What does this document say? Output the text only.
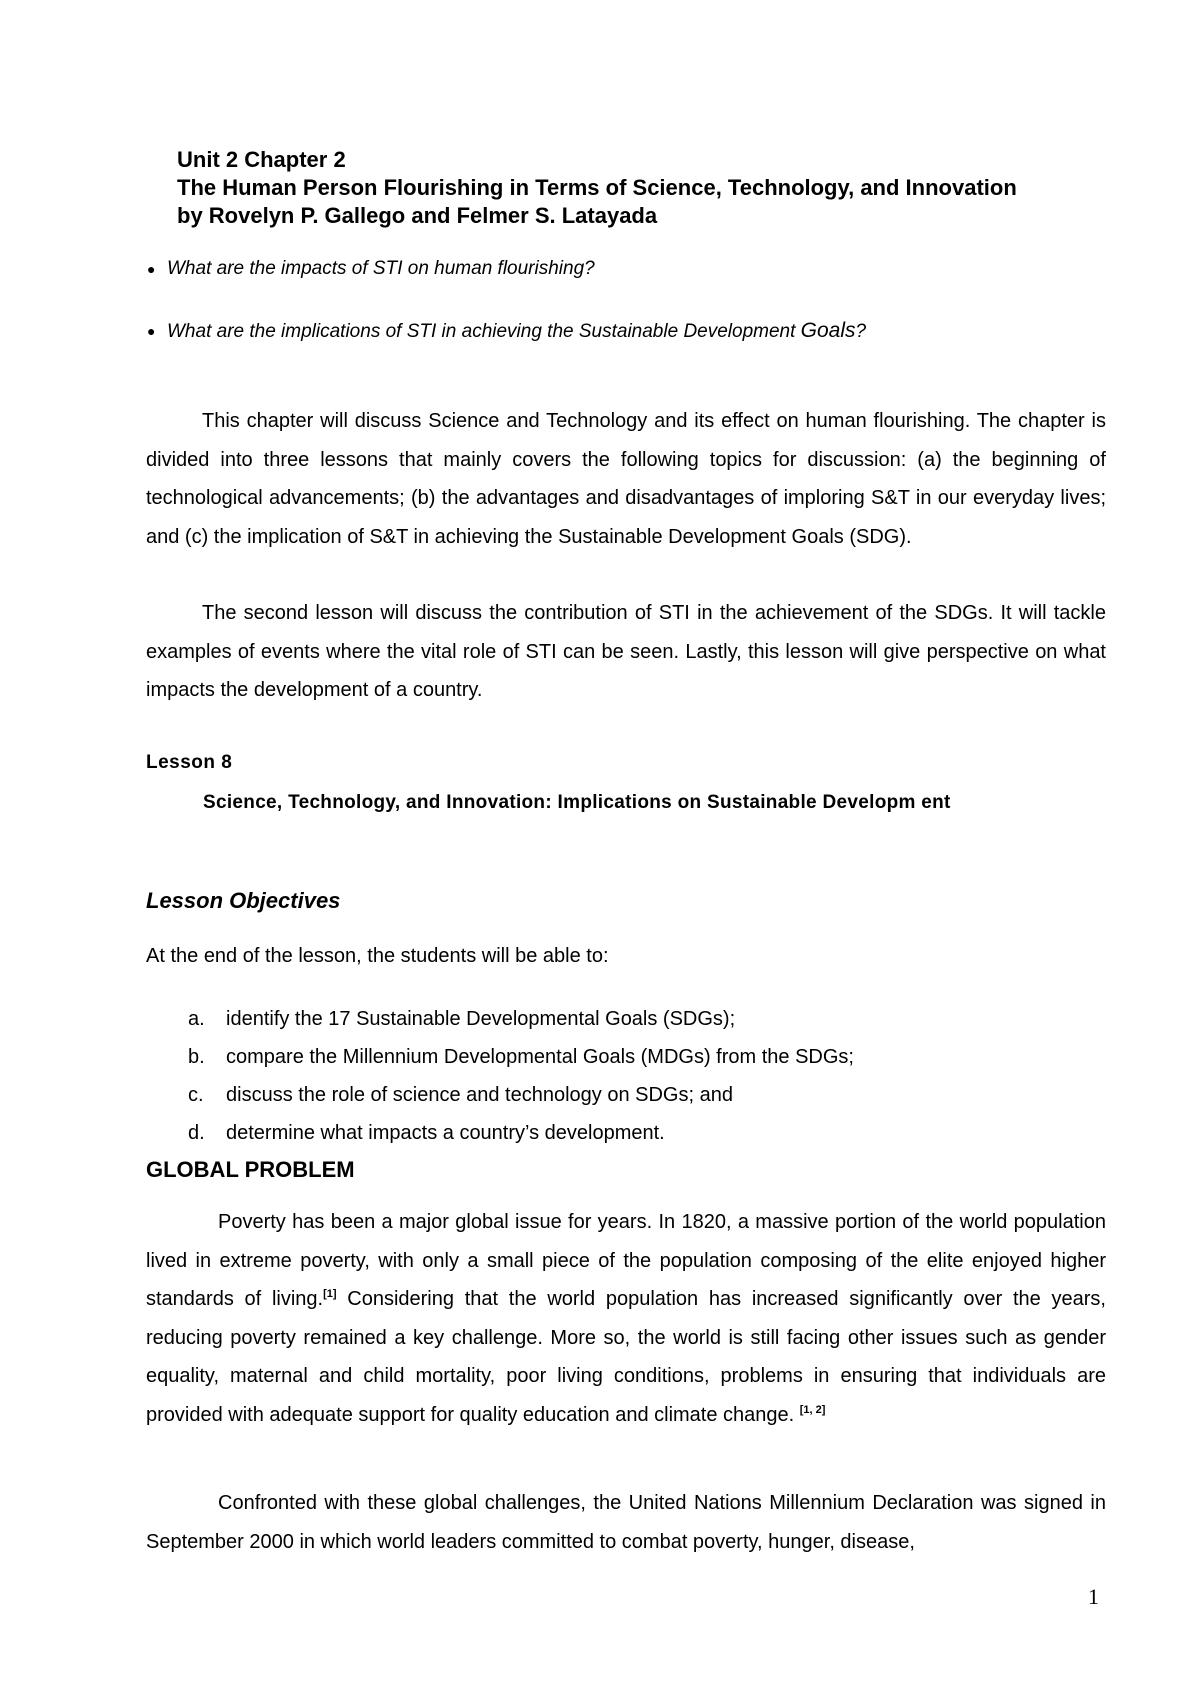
Unit 2 Chapter 2

The Human Person Flourishing in Terms of Science, Technology, and Innovation

by Rovelyn P. Gallego and Felmer S. Latayada

● What are the impacts of STI on human flourishing?
● What are the implications of STI in achieving the Sustainable Development Goals?

This chapter will discuss Science and Technology and its effect on human flourishing. The chapter is divided into three lessons that mainly covers the following topics for discussion: (a) the beginning of technological advancements; (b) the advantages and disadvantages of imploring S&T in our everyday lives; and (c) the implication of S&T in achieving the Sustainable Development Goals (SDG).

The second lesson will discuss the contribution of STI in the achievement of the SDGs. It will tackle examples of events where the vital role of STI can be seen. Lastly, this lesson will give perspective on what impacts the development of a country.

Lesson 8
Science, Technology, and Innovation: Implications on Sustainable Developm ent
Lesson Objectives
At the end of the lesson, the students will be able to:
a. identify the 17 Sustainable Developmental Goals (SDGs);
b. compare the Millennium Developmental Goals (MDGs) from the SDGs;
c. discuss the role of science and technology on SDGs; and
d. determine what impacts a country’s development.
GLOBAL PROBLEM

Poverty has been a major global issue for years. In 1820, a massive portion of the world population lived in extreme poverty, with only a small piece of the population composing of the elite enjoyed higher standards of living.[1] Considering that the world population has increased significantly over the years, reducing poverty remained a key challenge. More so, the world is still facing other issues such as gender equality, maternal and child mortality, poor living conditions, problems in ensuring that individuals are provided with adequate support for quality education and climate change. [1, 2]

Confronted with these global challenges, the United Nations Millennium Declaration was signed in September 2000 in which world leaders committed to combat poverty, hunger, disease,

1
